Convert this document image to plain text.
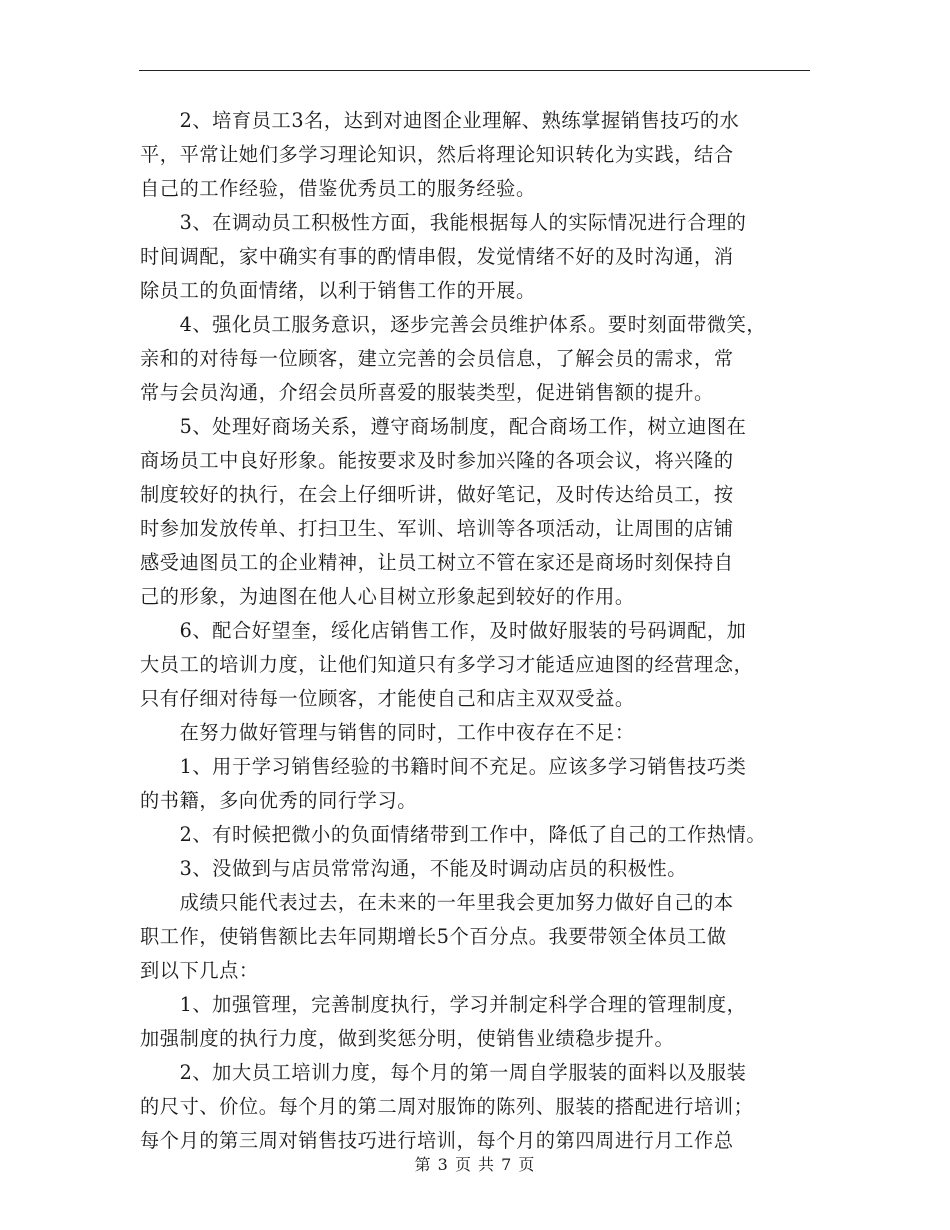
　　2、培育员工3名，达到对迪图企业理解、熟练掌握销售技巧的水
平，平常让她们多学习理论知识，然后将理论知识转化为实践，结合
自己的工作经验，借鉴优秀员工的服务经验。
　　3、在调动员工积极性方面，我能根据每人的实际情况进行合理的
时间调配，家中确实有事的酌情串假，发觉情绪不好的及时沟通，消
除员工的负面情绪，以利于销售工作的开展。
　　4、强化员工服务意识，逐步完善会员维护体系。要时刻面带微笑，
亲和的对待每一位顾客，建立完善的会员信息，了解会员的需求，常
常与会员沟通，介绍会员所喜爱的服装类型，促进销售额的提升。
　　5、处理好商场关系，遵守商场制度，配合商场工作，树立迪图在
商场员工中良好形象。能按要求及时参加兴隆的各项会议，将兴隆的
制度较好的执行，在会上仔细听讲，做好笔记，及时传达给员工，按
时参加发放传单、打扫卫生、军训、培训等各项活动，让周围的店铺
感受迪图员工的企业精神，让员工树立不管在家还是商场时刻保持自
己的形象，为迪图在他人心目树立形象起到较好的作用。
　　6、配合好望奎，绥化店销售工作，及时做好服装的号码调配，加
大员工的培训力度，让他们知道只有多学习才能适应迪图的经营理念，
只有仔细对待每一位顾客，才能使自己和店主双双受益。
　　在努力做好管理与销售的同时，工作中夜存在不足：
　　1、用于学习销售经验的书籍时间不充足。应该多学习销售技巧类
的书籍，多向优秀的同行学习。
　　2、有时候把微小的负面情绪带到工作中，降低了自己的工作热情。
　　3、没做到与店员常常沟通，不能及时调动店员的积极性。
　　成绩只能代表过去，在未来的一年里我会更加努力做好自己的本
职工作，使销售额比去年同期增长5个百分点。我要带领全体员工做
到以下几点：
　　1、加强管理，完善制度执行，学习并制定科学合理的管理制度，
加强制度的执行力度，做到奖惩分明，使销售业绩稳步提升。
　　2、加大员工培训力度，每个月的第一周自学服装的面料以及服装
的尺寸、价位。每个月的第二周对服饰的陈列、服装的搭配进行培训；
每个月的第三周对销售技巧进行培训，每个月的第四周进行月工作总
第 3 页 共 7 页
